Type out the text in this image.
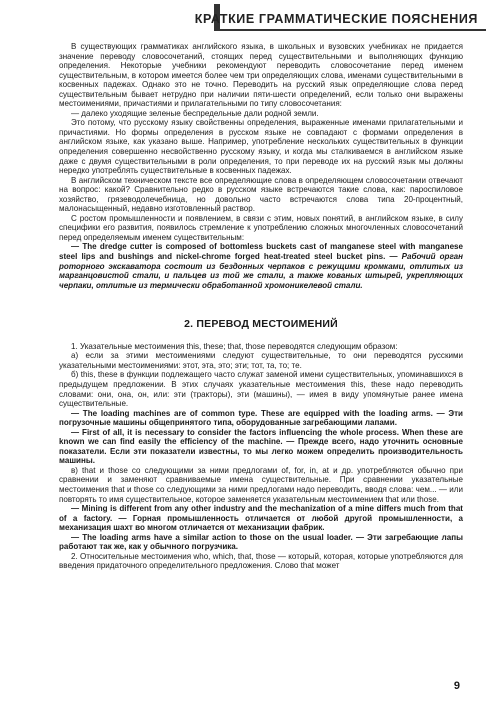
КРАТКИЕ ГРАММАТИЧЕСКИЕ ПОЯСНЕНИЯ

В существующих грамматиках английского языка, в школьных и вузовских учебниках не придается значение переводу словосочетаний, стоящих перед существительными и выполняющих функцию определения. Некоторые учебники рекомендуют переводить словосочетание перед именем существительным, в котором имеется более чем три определяющих слова, именами существительными в косвенных падежах. Однако это не точно. Переводить на русский язык определяющие слова перед существительным бывает нетрудно при наличии пяти-шести определений, если только они выражены местоимениями, причастиями и прилагательными по типу словосочетания:

— далеко уходящие зеленые беспредельные дали родной земли.

Это потому, что русскому языку свойственны определения, выраженные именами прилагательными и причастиями. Но формы определения в русском языке не совпадают с формами определения в английском языке, как указано выше. Например, употребление нескольких существительных в функции определения совершенно несвойственно русскому языку, и когда мы сталкиваемся в английском языке даже с двумя существительными в роли определения, то при переводе их на русский язык мы должны нередко употреблять существительные в косвенных падежах.

В английском техническом тексте все определяющие слова в определяющем словосочетании отвечают на вопрос: какой? Сравнительно редко в русском языке встречаются такие слова, как: пароспиловое хозяйство, грязеводолечебница, но довольно часто встречаются слова типа 20-процентный, малонасыщенный, недавно изготовленный раствор.

С ростом промышленности и появлением, в связи с этим, новых понятий, в английском языке, в силу специфики его развития, появилось стремление к употреблению сложных многочленных словосочетаний перед определяемым именем существительным:

— The dredge cutter is composed of bottomless buckets cast of manganese steel with manganese steel lips and bushings and nickel-chrome forged heat-treated steel bucket pins. — Рабочий орган роторного экскаватора состоит из бездонных черпаков с режущими кромками, отлитых из марганцовистой стали, и пальцев из той же стали, а также кованых штырей, укрепляющих черпаки, отлитые из термически обработанной хромоникелевой стали.

2. ПЕРЕВОД МЕСТОИМЕНИЙ

1. Указательные местоимения this, these; that, those переводятся следующим образом:

а) если за этими местоимениями следуют существительные, то они переводятся русскими указательными местоимениями: этот, эта, это; эти; тот, та, то; те.

б) this, these в функции подлежащего часто служат заменой имени существительных, упоминавшихся в предыдущем предложении. В этих случаях указательные местоимения this, these надо переводить словами: они, она, он, или: эти (тракторы), эти (машины), — имея в виду упомянутые ранее имена существительные.

— The loading machines are of common type. These are equipped with the loading arms. — Эти погрузочные машины общепринятого типа, оборудованные загребающими лапами.

— First of all, it is necessary to consider the factors influencing the whole process. When these are known we can find easily the efficiency of the machine. — Прежде всего, надо уточнить основные показатели. Если эти показатели известны, то мы легко можем определить производительность машины.

в) that и those со следующими за ними предлогами of, for, in, at и др. употребляются обычно при сравнении и заменяют сравниваемые имена существительные. При сравнении указательные местоимения that и those со следующими за ними предлогами надо переводить, вводя слова: чем... — или повторять то имя существительное, которое заменяется указательным местоимением that или those.

— Mining is different from any other industry and the mechanization of a mine differs much from that of a factory. — Горная промышленность отличается от любой другой промышленности, а механизация шахт во многом отличается от механизации фабрик.

— The loading arms have a similar action to those on the usual loader. — Эти загребающие лапы работают так же, как у обычного погрузчика.

2. Относительные местоимения who, which, that, those — который, которая, которые употребляются для введения придаточного определительного предложения. Слово that может

9
